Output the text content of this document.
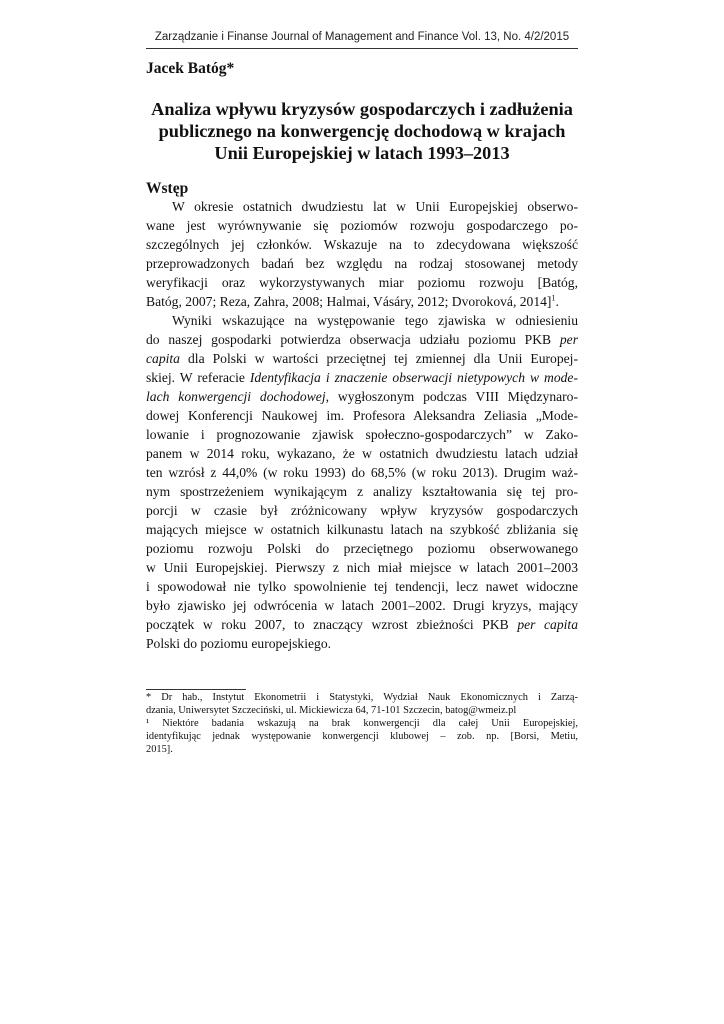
Zarządzanie i Finanse Journal of Management and Finance Vol. 13, No. 4/2/2015
Jacek Batóg*
Analiza wpływu kryzysów gospodarczych i zadłużenia
publicznego na konwergencję dochodową w krajach
Unii Europejskiej w latach 1993–2013
Wstęp
W okresie ostatnich dwudziestu lat w Unii Europejskiej obserwo-
wane jest wyrównywanie się poziomów rozwoju gospodarczego po-
szczególnych jej członków. Wskazuje na to zdecydowana większość
przeprowadzonych badań bez względu na rodzaj stosowanej metody
weryfikacji oraz wykorzystywanych miar poziomu rozwoju [Batóg,
Batóg, 2007; Reza, Zahra, 2008; Halmai, Vásáry, 2012; Dvoroková, 2014]$^1$.
Wyniki wskazujące na występowanie tego zjawiska w odniesieniu
do naszej gospodarki potwierdza obserwacja udziału poziomu PKB per
capita dla Polski w wartości przeciętnej tej zmiennej dla Unii Europej-
skiej. W referacie Identyfikacja i znaczenie obserwacji nietypowych w mode-
lach konwergencji dochodowej, wygłoszonym podczas VIII Międzynaro-
dowej Konferencji Naukowej im. Profesora Aleksandra Zeliasia „Mode-
lowanie i prognozowanie zjawisk społeczno-gospodarczych” w Zako-
panem w 2014 roku, wykazano, że w ostatnich dwudziestu latach udział
ten wzrósł z 44,0% (w roku 1993) do 68,5% (w roku 2013). Drugim waż-
nym spostrzeżeniem wynikającym z analizy kształtowania się tej pro-
porcji w czasie był zróżnicowany wpływ kryzysów gospodarczych
mających miejsce w ostatnich kilkunastu latach na szybkość zbliżania się
poziomu rozwoju Polski do przeciętnego poziomu obserwowanego
w Unii Europejskiej. Pierwszy z nich miał miejsce w latach 2001–2003
i spowodował nie tylko spowolnienie tej tendencji, lecz nawet widoczne
było zjawisko jej odwrócenia w latach 2001–2002. Drugi kryzys, mający
początek w roku 2007, to znaczący wzrost zbieżności PKB per capita
Polski do poziomu europejskiego.
* Dr hab., Instytut Ekonometrii i Statystyki, Wydział Nauk Ekonomicznych i Zarzą-
dzania, Uniwersytet Szczeciński, ul. Mickiewicza 64, 71-101 Szczecin, batog@wmeiz.pl
¹ Niektóre badania wskazują na brak konwergencji dla całej Unii Europejskiej,
identyfikując jednak występowanie konwergencji klubowej – zob. np. [Borsi, Metiu,
2015].
